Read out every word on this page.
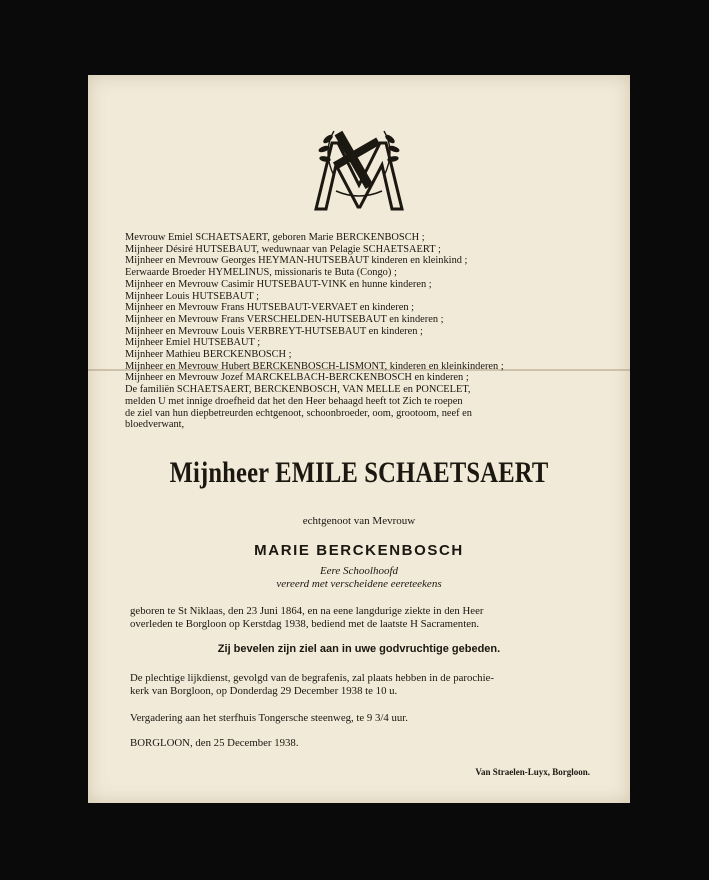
Mevrouw Emiel SCHAETSAERT, geboren Marie BERCKENBOSCH ;
Mijnheer Désiré HUTSEBAUT, weduwnaar van Pelagie SCHAETSAERT ;
Mijnheer en Mevrouw Georges HEYMAN-HUTSEBAUT kinderen en kleinkind ;
Eerwaarde Broeder HYMELINUS, missionaris te Buta (Congo) ;
Mijnheer en Mevrouw Casimir HUTSEBAUT-VINK en hunne kinderen ;
Mijnheer Louis HUTSEBAUT ;
Mijnheer en Mevrouw Frans HUTSEBAUT-VERVAET en kinderen ;
Mijnheer en Mevrouw Frans VERSCHELDEN-HUTSEBAUT en kinderen ;
Mijnheer en Mevrouw Louis VERBREYT-HUTSEBAUT en kinderen ;
Mijnheer Emiel HUTSEBAUT ;
Mijnheer Mathieu BERCKENBOSCH ;
Mijnheer en Mevrouw Hubert BERCKENBOSCH-LISMONT, kinderen en kleinkinderen ;
Mijnheer en Mevrouw Jozef MARCKELBACH-BERCKENBOSCH en kinderen ;
De familiën SCHAETSAERT, BERCKENBOSCH, VAN MELLE en PONCELET,
melden U met innige droefheid dat het den Heer behaagd heeft tot Zich te roepen
de ziel van hun diepbetreurden echtgenoot, schoonbroeder, oom, grootoom, neef en
bloedverwant,
Mijnheer EMILE SCHAETSAERT
echtgenoot van Mevrouw
MARIE BERCKENBOSCH
Eere Schoolhoofd
vereerd met verscheidene eereteekens
geboren te St Niklaas, den 23 Juni 1864, en na eene langdurige ziekte in den Heer
overleden te Borgloon op Kerstdag 1938, bediend met de laatste H Sacramenten.
Zij bevelen zijn ziel aan in uwe godvruchtige gebeden.
De plechtige lijkdienst, gevolgd van de begrafenis, zal plaats hebben in de parochie-
kerk van Borgloon, op Donderdag 29 December 1938 te 10 u.
Vergadering aan het sterfhuis Tongersche steenweg, te 9 3/4 uur.
BORGLOON, den 25 December 1938.
Van Straelen-Luyx, Borgloon.
